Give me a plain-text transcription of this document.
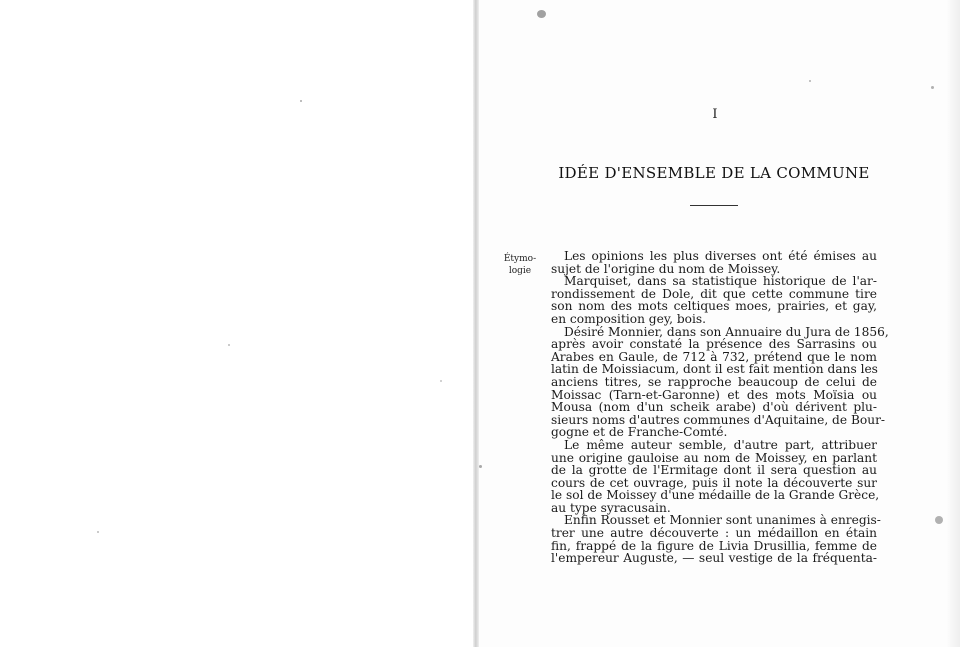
I
IDÉE D'ENSEMBLE DE LA COMMUNE
Étymo-
logie
Les opinions les plus diverses ont été émises au
sujet de l'origine du nom de Moissey.
Marquiset, dans sa statistique historique de l'ar-
rondissement de Dole, dit que cette commune tire
son nom des mots celtiques moes, prairies, et gay,
en composition gey, bois.
Désiré Monnier, dans son Annuaire du Jura de 1856,
après avoir constaté la présence des Sarrasins ou
Arabes en Gaule, de 712 à 732, prétend que le nom
latin de Moissiacum, dont il est fait mention dans les
anciens titres, se rapproche beaucoup de celui de
Moissac (Tarn-et-Garonne) et des mots Moïsia ou
Mousa (nom d'un scheik arabe) d'où dérivent plu-
sieurs noms d'autres communes d'Aquitaine, de Bour-
gogne et de Franche-Comté.
Le même auteur semble, d'autre part, attribuer
une origine gauloise au nom de Moissey, en parlant
de la grotte de l'Ermitage dont il sera question au
cours de cet ouvrage, puis il note la découverte sur
le sol de Moissey d'une médaille de la Grande Grèce,
au type syracusain.
Enfin Rousset et Monnier sont unanimes à enregis-
trer une autre découverte : un médaillon en étain
fin, frappé de la figure de Livia Drusillia, femme de
l'empereur Auguste, — seul vestige de la fréquenta-
